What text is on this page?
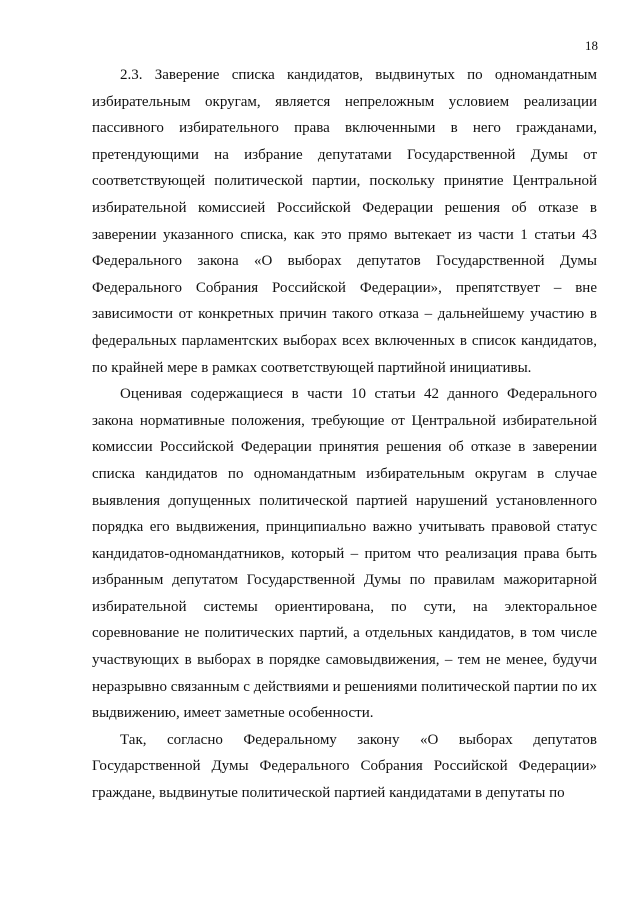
18

2.3. Заверение списка кандидатов, выдвинутых по одномандатным избирательным округам, является непреложным условием реализации пассивного избирательного права включенными в него гражданами, претендующими на избрание депутатами Государственной Думы от соответствующей политической партии, поскольку принятие Центральной избирательной комиссией Российской Федерации решения об отказе в заверении указанного списка, как это прямо вытекает из части 1 статьи 43 Федерального закона «О выборах депутатов Государственной Думы Федерального Собрания Российской Федерации», препятствует – вне зависимости от конкретных причин такого отказа – дальнейшему участию в федеральных парламентских выборах всех включенных в список кандидатов, по крайней мере в рамках соответствующей партийной инициативы.

Оценивая содержащиеся в части 10 статьи 42 данного Федерального закона нормативные положения, требующие от Центральной избирательной комиссии Российской Федерации принятия решения об отказе в заверении списка кандидатов по одномандатным избирательным округам в случае выявления допущенных политической партией нарушений установленного порядка его выдвижения, принципиально важно учитывать правовой статус кандидатов-одномандатников, который – притом что реализация права быть избранным депутатом Государственной Думы по правилам мажоритарной избирательной системы ориентирована, по сути, на электоральное соревнование не политических партий, а отдельных кандидатов, в том числе участвующих в выборах в порядке самовыдвижения, – тем не менее, будучи неразрывно связанным с действиями и решениями политической партии по их выдвижению, имеет заметные особенности.

Так, согласно Федеральному закону «О выборах депутатов Государственной Думы Федерального Собрания Российской Федерации» граждане, выдвинутые политической партией кандидатами в депутаты по
